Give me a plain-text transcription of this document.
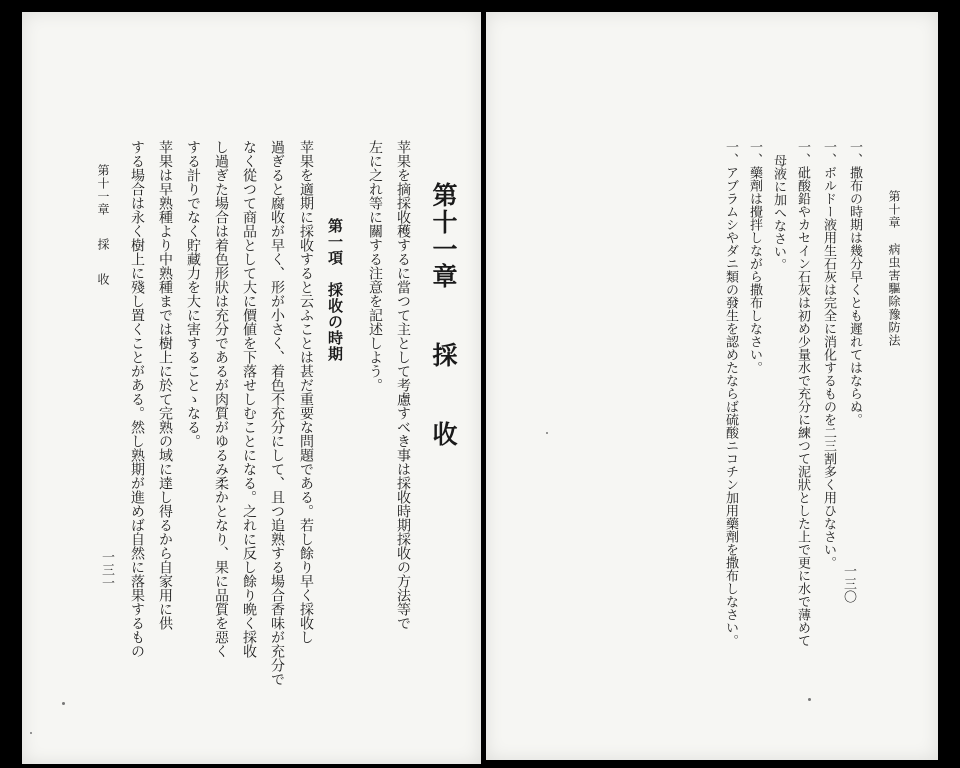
第十一章採收
苹果を摘採收穫するに當つて主として考慮すべき事は採收時期採收の方法等で
左に之れ等に關する注意を記述しよう。
第一項採收の時期
苹果を適期に採收すると云ふことは甚だ重要な問題である。若し餘り早く採收し
過ぎると腐收が早く、形が小さく、着色不充分にして、且つ追熟する場合香味が充分で
なく從つて商品として大に價値を下落せしむことになる。之れに反し餘り晩く採收
し過ぎた場合は着色形狀は充分であるが肉質がゆるみ柔かとなり、果に品質を惡く
する計りでなく貯藏力を大に害することゝなる。
苹果は早熟種より中熟種までは樹上に於て完熟の域に達し得るから自家用に供
する場合は永く樹上に殘し置くことがある。然し熟期が進めば自然に落果するもの
第十一章採收
一三一
第十章病虫害驅除豫防法
一三〇
一、撒布の時期は幾分早くとも遲れてはならぬ。
一、ボルドー液用生石灰は完全に消化するものを二三割多く用ひなさい。
一、砒酸鉛やカセイン石灰は初め少量水で充分に練つて泥狀とした上で更に水で薄めて
母液に加へなさい。
一、藥劑は攪拌しながら撒布しなさい。
一、アブラムシやダニ類の發生を認めたならば硫酸ニコチン加用藥劑を撒布しなさい。
